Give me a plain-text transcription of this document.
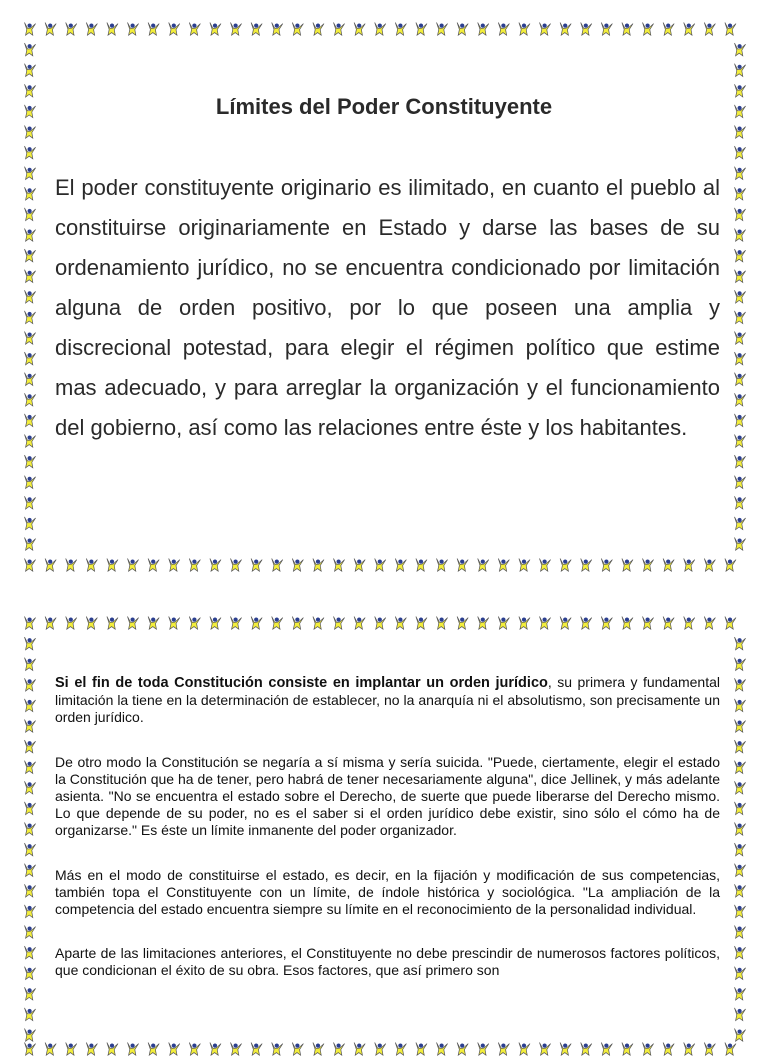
Límites del Poder Constituyente

El poder constituyente originario es ilimitado, en cuanto el pueblo al constituirse originariamente en Estado y darse las bases de su ordenamiento jurídico, no se encuentra condicionado por limitación alguna de orden positivo, por lo que poseen una amplia y discrecional potestad, para elegir el régimen político que estime mas adecuado, y para arreglar la organización y el funcionamiento del gobierno, así como las relaciones entre éste y los habitantes.

Si el fin de toda Constitución consiste en implantar un orden jurídico, su primera y fundamental limitación la tiene en la determinación de establecer, no la anarquía ni el absolutismo, son precisamente un orden jurídico.

De otro modo la Constitución se negaría a sí misma y sería suicida. "Puede, ciertamente, elegir el estado la Constitución que ha de tener, pero habrá de tener necesariamente alguna", dice Jellinek, y más adelante asienta. "No se encuentra el estado sobre el Derecho, de suerte que puede liberarse del Derecho mismo. Lo que depende de su poder, no es el saber si el orden jurídico debe existir, sino sólo el cómo ha de organizarse." Es éste un límite inmanente del poder organizador.

Más en el modo de constituirse el estado, es decir, en la fijación y modificación de sus competencias, también topa el Constituyente con un límite, de índole histórica y sociológica. "La ampliación de la competencia del estado encuentra siempre su límite en el reconocimiento de la personalidad individual.

Aparte de las limitaciones anteriores, el Constituyente no debe prescindir de numerosos factores políticos, que condicionan el éxito de su obra. Esos factores, que así primero son
